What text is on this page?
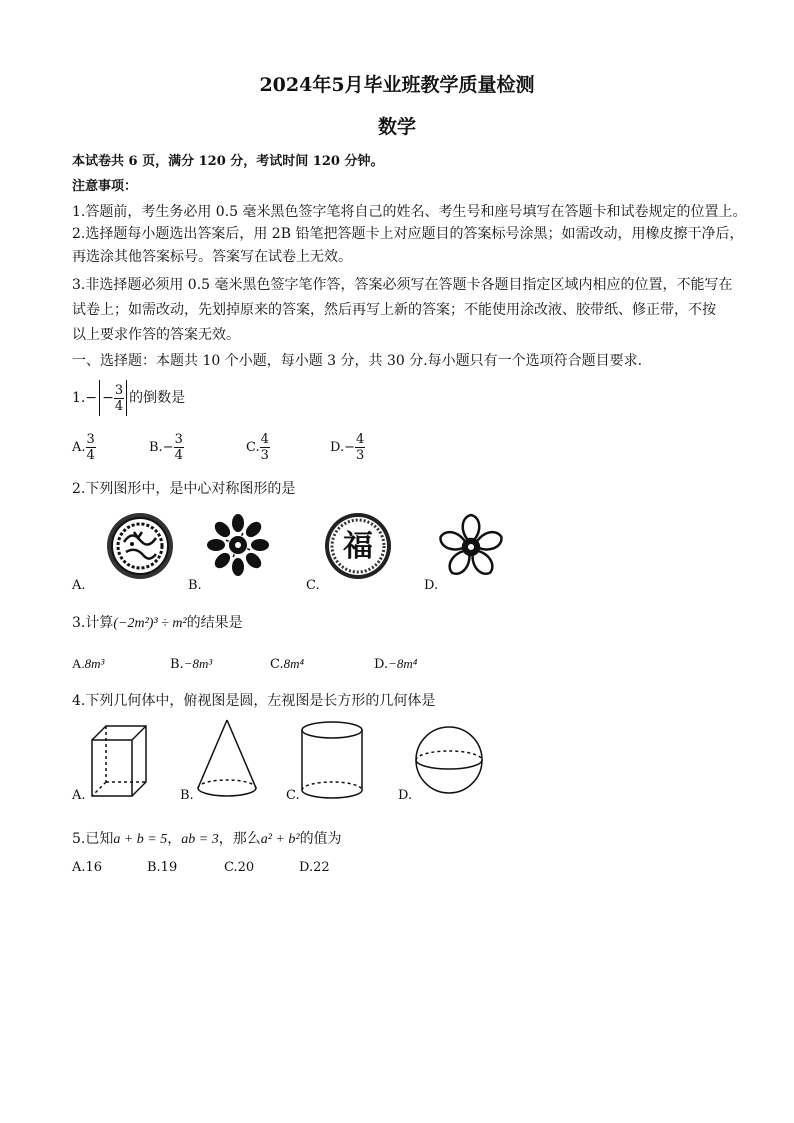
2024年5月毕业班教学质量检测
数学
本试卷共 6 页，满分 120 分，考试时间 120 分钟。
注意事项：
1.答题前，考生务必用 0.5 毫米黑色签字笔将自己的姓名、考生号和座号填写在答题卡和试卷规定的位置上。
2.选择题每小题选出答案后，用 2B 铅笔把答题卡上对应题目的答案标号涂黑；如需改动，用橡皮擦干净后，
再选涂其他答案标号。答案写在试卷上无效。
3.非选择题必须用 0.5 毫米黑色签字笔作答，答案必须写在答题卡各题目指定区域内相应的位置，不能写在
试卷上；如需改动，先划掉原来的答案，然后再写上新的答案；不能使用涂改液、胶带纸、修正带，不按
以上要求作答的答案无效。
一、选择题：本题共 10 个小题，每小题 3 分，共 30 分.每小题只有一个选项符合题目要求.
$1.- - \frac{3}{4}$ 的倒数是
A. $\frac{3}{4}$	$B.- \frac{3}{4}$	C. $\frac{4}{3}$	$D.- \frac{4}{3}$
2.下列图形中，是中心对称图形的是
A.	B.
福
C.	D.
3.计算(−2m²)³ ÷ m²的结果是
A.8m³	B.−8m³	C.8m⁴	D.−8m⁴
4.下列几何体中，俯视图是圆，左视图是长方形的几何体是
A.	B.	C.	D.
5.已知a + b = 5，ab = 3，那么a² + b²的值为
A.16	B.19	C.20	D.22
